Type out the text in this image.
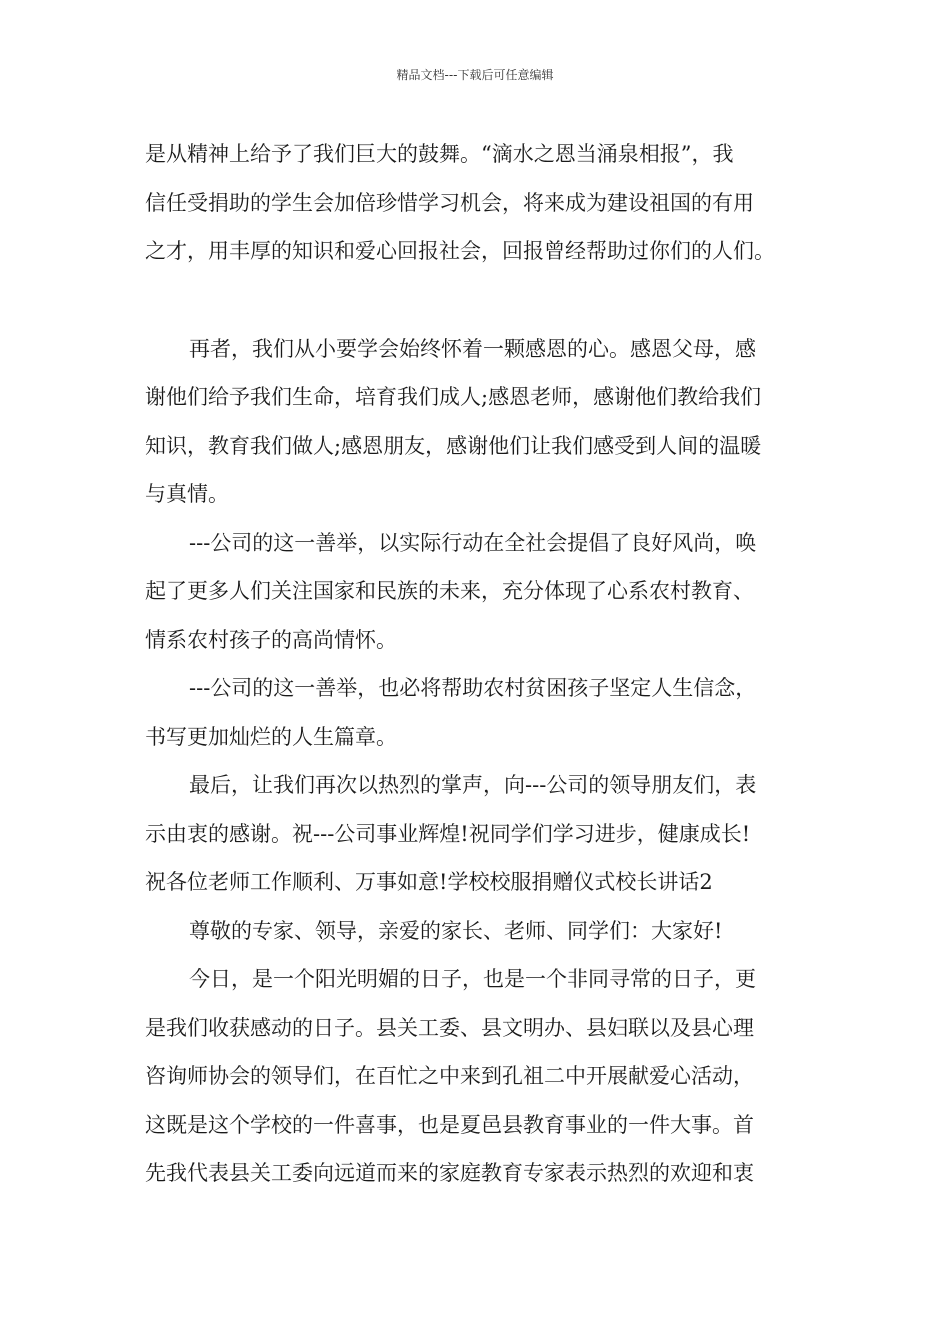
精品文档---下载后可任意编辑
是从精神上给予了我们巨大的鼓舞。“滴水之恩当涌泉相报”，我
信任受捐助的学生会加倍珍惜学习机会，将来成为建设祖国的有用
之才，用丰厚的知识和爱心回报社会，回报曾经帮助过你们的人们。
再者，我们从小要学会始终怀着一颗感恩的心。感恩父母，感
谢他们给予我们生命，培育我们成人;感恩老师，感谢他们教给我们
知识，教育我们做人;感恩朋友，感谢他们让我们感受到人间的温暖
与真情。
---公司的这一善举，以实际行动在全社会提倡了良好风尚，唤
起了更多人们关注国家和民族的未来，充分体现了心系农村教育、
情系农村孩子的高尚情怀。
---公司的这一善举，也必将帮助农村贫困孩子坚定人生信念，
书写更加灿烂的人生篇章。
最后，让我们再次以热烈的掌声，向---公司的领导朋友们，表
示由衷的感谢。祝---公司事业辉煌!祝同学们学习进步，健康成长!
祝各位老师工作顺利、万事如意!学校校服捐赠仪式校长讲话2
尊敬的专家、领导，亲爱的家长、老师、同学们：大家好!
今日，是一个阳光明媚的日子，也是一个非同寻常的日子，更
是我们收获感动的日子。县关工委、县文明办、县妇联以及县心理
咨询师协会的领导们，在百忙之中来到孔祖二中开展献爱心活动，
这既是这个学校的一件喜事，也是夏邑县教育事业的一件大事。首
先我代表县关工委向远道而来的家庭教育专家表示热烈的欢迎和衷
